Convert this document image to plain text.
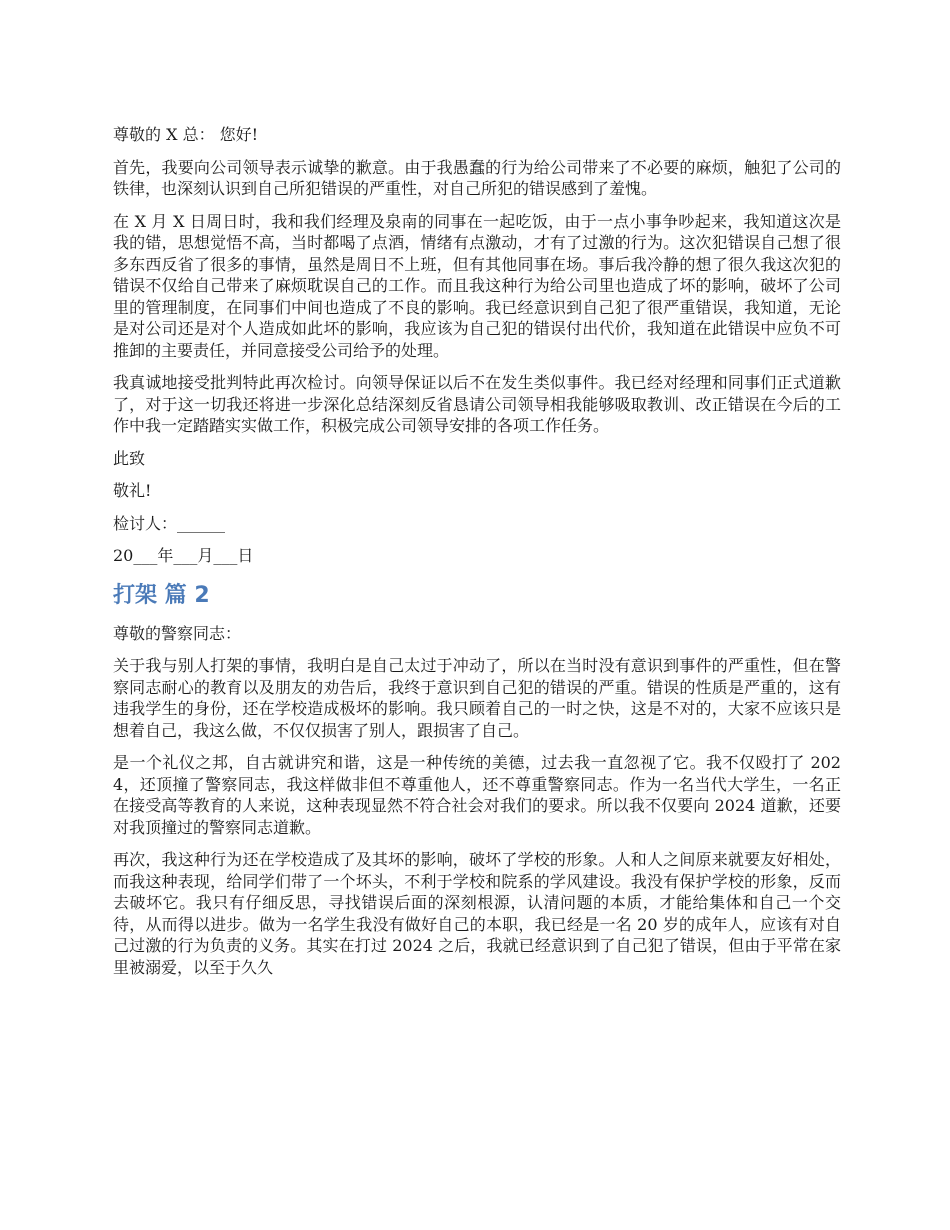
尊敬的 X 总： 您好!

首先，我要向公司领导表示诚挚的歉意。由于我愚蠢的行为给公司带来了不必要的麻烦，触犯了公司的铁律，也深刻认识到自己所犯错误的严重性，对自己所犯的错误感到了羞愧。

在 X 月 X 日周日时，我和我们经理及泉南的同事在一起吃饭，由于一点小事争吵起来，我知道这次是我的错，思想觉悟不高，当时都喝了点酒，情绪有点激动，才有了过激的行为。这次犯错误自己想了很多东西反省了很多的事情，虽然是周日不上班，但有其他同事在场。事后我冷静的想了很久我这次犯的错误不仅给自己带来了麻烦耽误自己的工作。而且我这种行为给公司里也造成了坏的影响，破坏了公司里的管理制度，在同事们中间也造成了不良的影响。我已经意识到自己犯了很严重错误，我知道，无论是对公司还是对个人造成如此坏的影响，我应该为自己犯的错误付出代价，我知道在此错误中应负不可推卸的主要责任，并同意接受公司给予的处理。

我真诚地接受批判特此再次检讨。向领导保证以后不在发生类似事件。我已经对经理和同事们正式道歉了，对于这一切我还将进一步深化总结深刻反省恳请公司领导相我能够吸取教训、改正错误在今后的工作中我一定踏踏实实做工作，积极完成公司领导安排的各项工作任务。

此致

敬礼!

检讨人：______

20___年___月___日

打架 篇 2

尊敬的警察同志：

关于我与别人打架的事情，我明白是自己太过于冲动了，所以在当时没有意识到事件的严重性，但在警察同志耐心的教育以及朋友的劝告后，我终于意识到自己犯的错误的严重。错误的性质是严重的，这有违我学生的身份，还在学校造成极坏的影响。我只顾着自己的一时之快，这是不对的，大家不应该只是想着自己，我这么做，不仅仅损害了别人，跟损害了自己。

是一个礼仪之邦，自古就讲究和谐，这是一种传统的美德，过去我一直忽视了它。我不仅殴打了 2024，还顶撞了警察同志，我这样做非但不尊重他人，还不尊重警察同志。作为一名当代大学生，一名正在接受高等教育的人来说，这种表现显然不符合社会对我们的要求。所以我不仅要向 2024 道歉，还要对我顶撞过的警察同志道歉。

再次，我这种行为还在学校造成了及其坏的影响，破坏了学校的形象。人和人之间原来就要友好相处，而我这种表现，给同学们带了一个坏头，不利于学校和院系的学风建设。我没有保护学校的形象，反而去破坏它。我只有仔细反思，寻找错误后面的深刻根源，认清问题的本质，才能给集体和自己一个交待，从而得以进步。做为一名学生我没有做好自己的本职，我已经是一名 20 岁的成年人，应该有对自己过激的行为负责的义务。其实在打过 2024 之后，我就已经意识到了自己犯了错误，但由于平常在家里被溺爱，以至于久久
